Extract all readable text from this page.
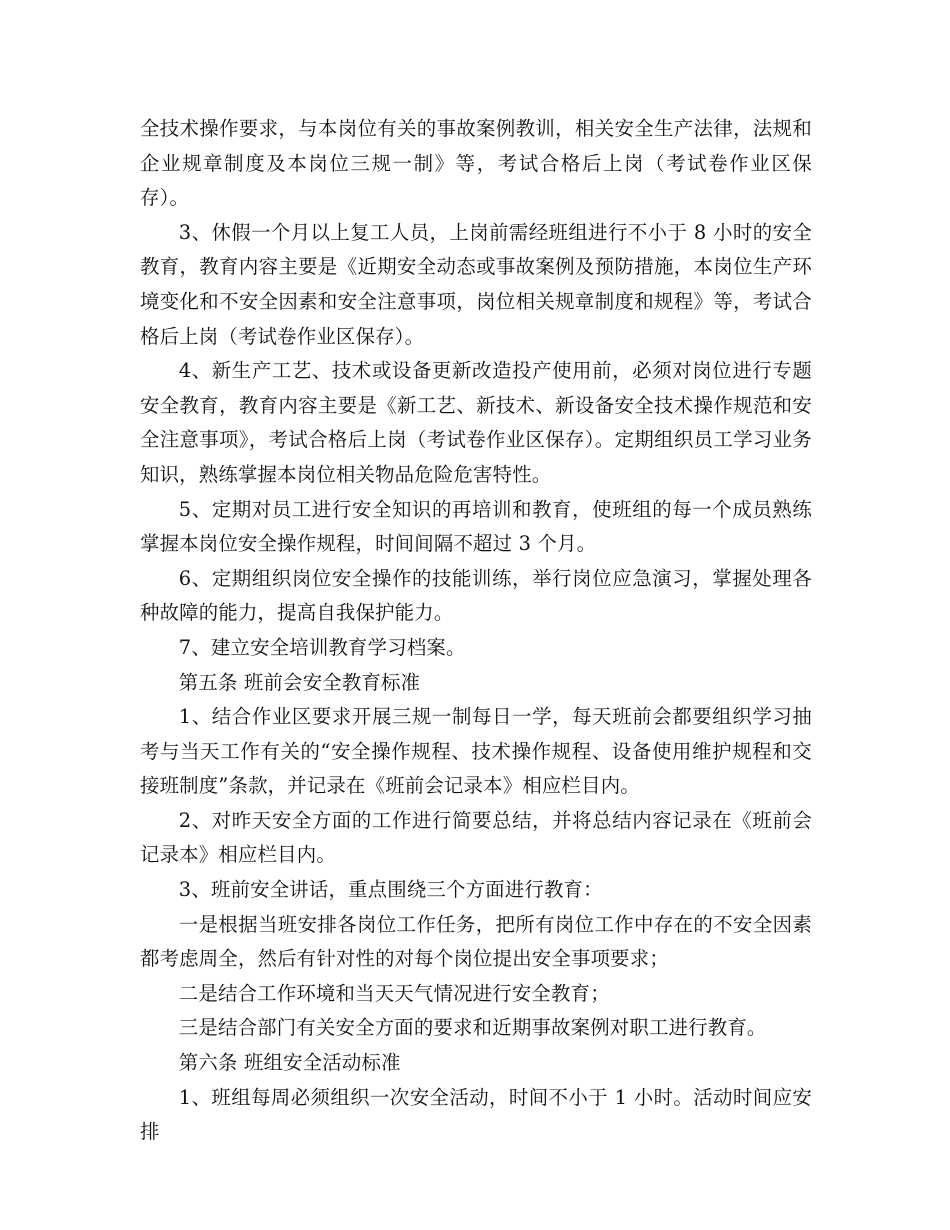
全技术操作要求，与本岗位有关的事故案例教训，相关安全生产法律，法规和企业规章制度及本岗位三规一制》等，考试合格后上岗（考试卷作业区保存）。

3、休假一个月以上复工人员，上岗前需经班组进行不小于 8 小时的安全教育，教育内容主要是《近期安全动态或事故案例及预防措施，本岗位生产环境变化和不安全因素和安全注意事项，岗位相关规章制度和规程》等，考试合格后上岗（考试卷作业区保存）。

4、新生产工艺、技术或设备更新改造投产使用前，必须对岗位进行专题安全教育，教育内容主要是《新工艺、新技术、新设备安全技术操作规范和安全注意事项》，考试合格后上岗（考试卷作业区保存）。定期组织员工学习业务知识，熟练掌握本岗位相关物品危险危害特性。

5、定期对员工进行安全知识的再培训和教育，使班组的每一个成员熟练掌握本岗位安全操作规程，时间间隔不超过 3 个月。

6、定期组织岗位安全操作的技能训练，举行岗位应急演习，掌握处理各种故障的能力，提高自我保护能力。

7、建立安全培训教育学习档案。

第五条 班前会安全教育标准

1、结合作业区要求开展三规一制每日一学，每天班前会都要组织学习抽考与当天工作有关的“安全操作规程、技术操作规程、设备使用维护规程和交接班制度”条款，并记录在《班前会记录本》相应栏目内。

2、对昨天安全方面的工作进行简要总结，并将总结内容记录在《班前会记录本》相应栏目内。

3、班前安全讲话，重点围绕三个方面进行教育：

一是根据当班安排各岗位工作任务，把所有岗位工作中存在的不安全因素都考虑周全，然后有针对性的对每个岗位提出安全事项要求；

二是结合工作环境和当天天气情况进行安全教育；

三是结合部门有关安全方面的要求和近期事故案例对职工进行教育。

第六条 班组安全活动标准

1、班组每周必须组织一次安全活动，时间不小于 1 小时。活动时间应安排
